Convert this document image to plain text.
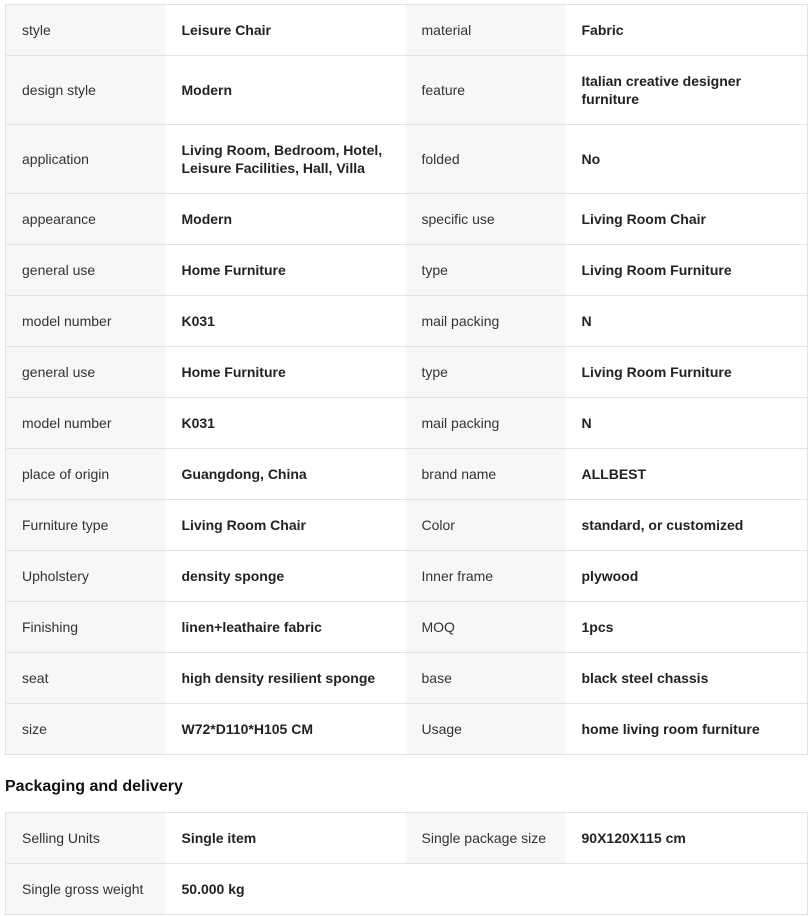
style	Leisure Chair	material	Fabric
design style	Modern	feature	Italian creative designer furniture
application	Living Room, Bedroom, Hotel, Leisure Facilities, Hall, Villa	folded	No
appearance	Modern	specific use	Living Room Chair
general use	Home Furniture	type	Living Room Furniture
model number	K031	mail packing	N
general use	Home Furniture	type	Living Room Furniture
model number	K031	mail packing	N
place of origin	Guangdong, China	brand name	ALLBEST
Furniture type	Living Room Chair	Color	standard, or customized
Upholstery	density sponge	Inner frame	plywood
Finishing	linen+leathaire fabric	MOQ	1pcs
seat	high density resilient sponge	base	black steel chassis
size	W72*D110*H105 CM	Usage	home living room furniture
Packaging and delivery
Selling Units	Single item	Single package size	90X120X115 cm
Single gross weight	50.000 kg		
